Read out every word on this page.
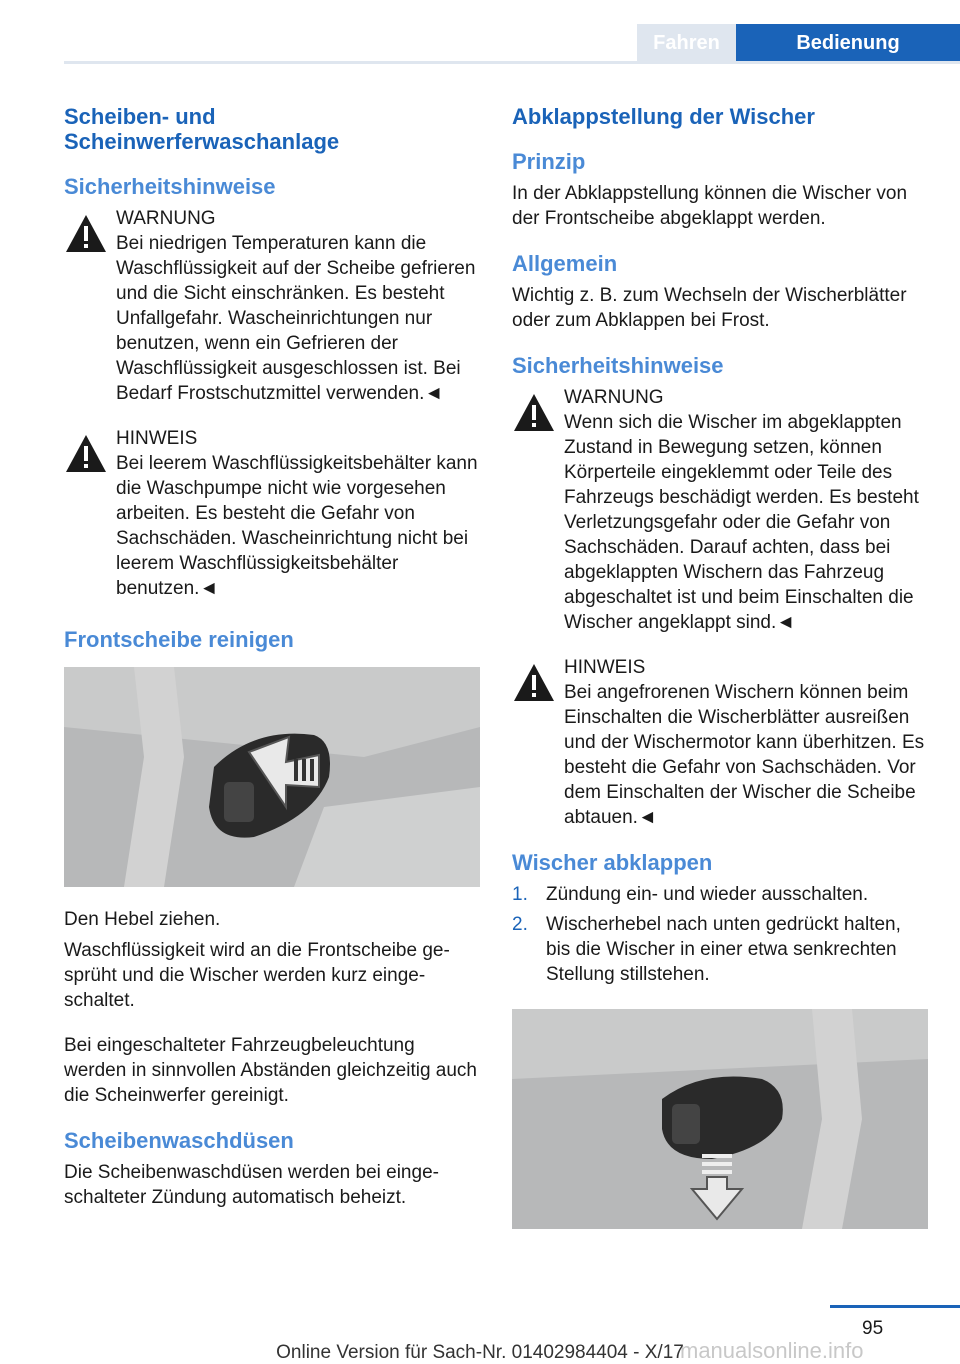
Fahren	Bedienung
Scheiben- und
Scheinwerferwaschanlage
Sicherheitshinweise
WARNUNG
Bei niedrigen Temperaturen kann die Waschflüssigkeit auf der Scheibe gefrieren und die Sicht einschränken. Es besteht Unfallgefahr. Wascheinrichtungen nur benutzen, wenn ein Gefrieren der Waschflüssigkeit ausgeschlossen ist. Bei Bedarf Frostschutzmittel verwenden.◄
HINWEIS
Bei leerem Waschflüssigkeitsbehälter kann die Waschpumpe nicht wie vorgesehen arbeiten. Es besteht die Gefahr von Sachschäden. Wascheinrichtung nicht bei leerem Waschflüssigkeitsbehälter benutzen.◄
Frontscheibe reinigen

Den Hebel ziehen.

Waschflüssigkeit wird an die Frontscheibe gesprüht und die Wischer werden kurz eingeschaltet.

Bei eingeschalteter Fahrzeugbeleuchtung werden in sinnvollen Abständen gleichzeitig auch die Scheinwerfer gereinigt.

Scheibenwaschdüsen

Die Scheibenwaschdüsen werden bei eingeschalteter Zündung automatisch beheizt.

Abklappstellung der Wischer
Prinzip

In der Abklappstellung können die Wischer von der Frontscheibe abgeklappt werden.

Allgemein

Wichtig z. B. zum Wechseln der Wischerblätter oder zum Abklappen bei Frost.

Sicherheitshinweise
WARNUNG
Wenn sich die Wischer im abgeklappten Zustand in Bewegung setzen, können Körperteile eingeklemmt oder Teile des Fahrzeugs beschädigt werden. Es besteht Verletzungsgefahr oder die Gefahr von Sachschäden. Darauf achten, dass bei abgeklappten Wischern das Fahrzeug abgeschaltet ist und beim Einschalten die Wischer angeklappt sind.◄
HINWEIS
Bei angefrorenen Wischern können beim Einschalten die Wischerblätter ausreißen und der Wischermotor kann überhitzen. Es besteht die Gefahr von Sachschäden. Vor dem Einschalten der Wischer die Scheibe abtauen.◄
Wischer abklappen
1. Zündung ein- und wieder ausschalten.
2. Wischerhebel nach unten gedrückt halten, bis die Wischer in einer etwa senkrechten Stellung stillstehen.
95
manualsonline.info
Online Version für Sach-Nr. 01402984404 - X/17
